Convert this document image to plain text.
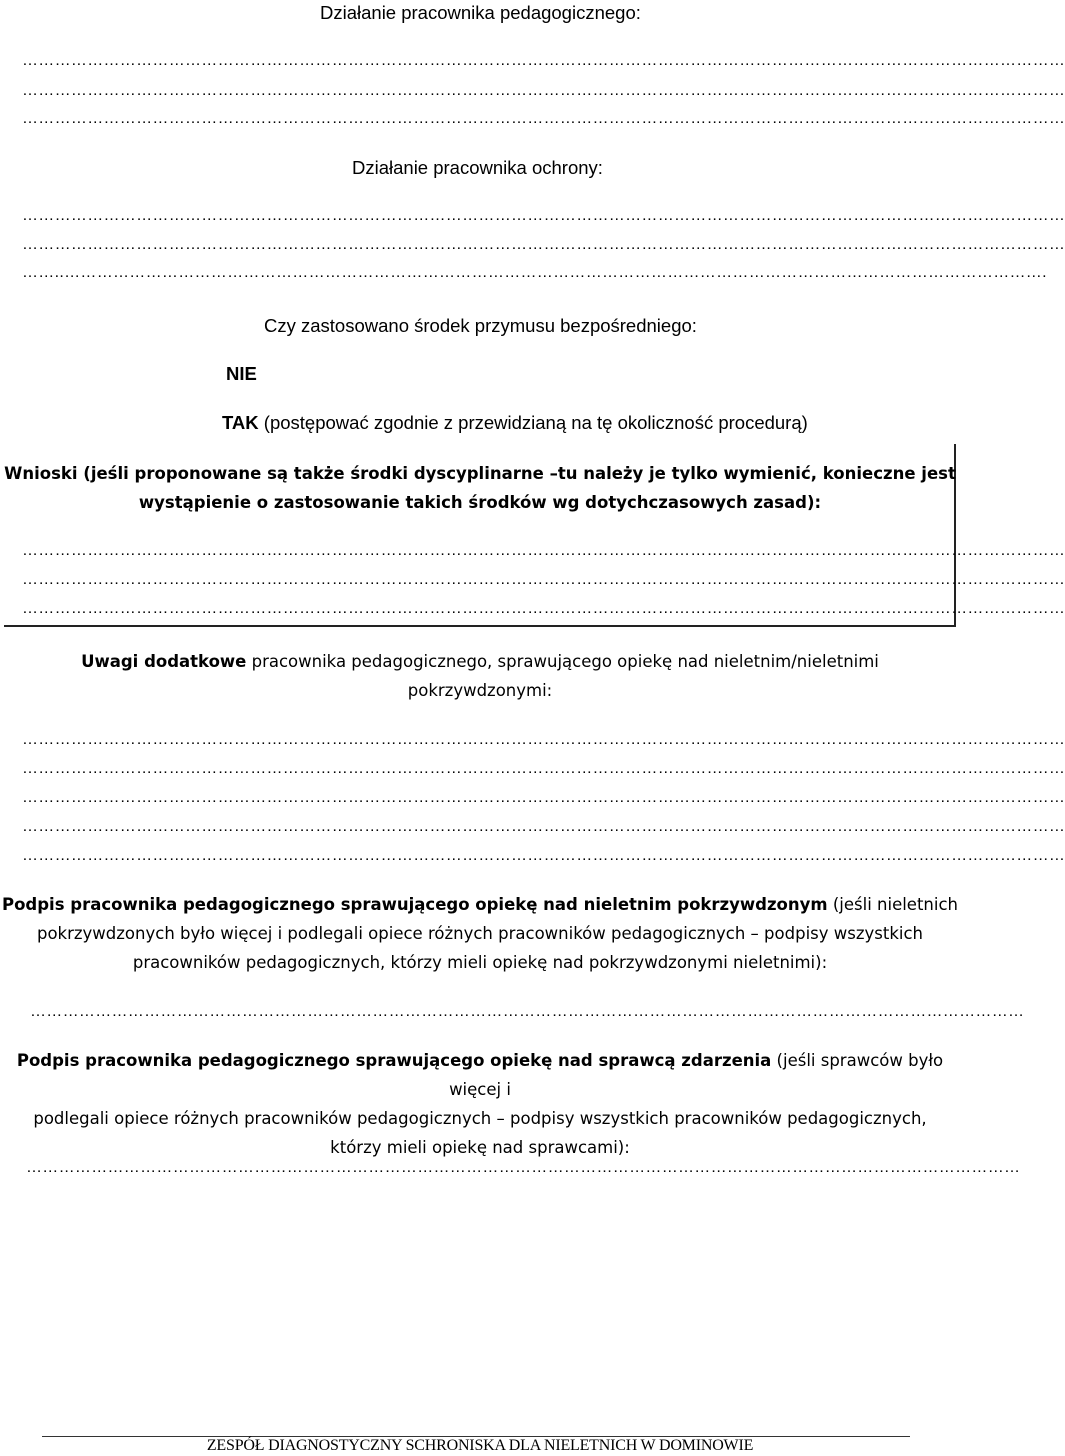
Działanie pracownika pedagogicznego:
…………………………………………………………………………………………………………………………………………………………………………
…………………………………………………………………………………………………………………………………………………………………………
…………………………………………………………………………………………………………………………………………………………………………
Działanie pracownika ochrony:
…………………………………………………………………………………………………………………………………………………………………………
…………………………………………………………………………………………………………………………………………………………………………
……..……………………………………………………………………………………………………………………………………………………………….
Czy zastosowano środek przymusu bezpośredniego:
NIE
TAK (postępować zgodnie z przewidzianą na tę okoliczność procedurą)
Wnioski (jeśli proponowane są także środki dyscyplinarne –tu należy je tylko wymienić, konieczne jest
wystąpienie o zastosowanie takich środków wg dotychczasowych zasad):
…………………………………………………………………………………………………………………………………………………………………………
…………………………………………………………………………………………………………………………………………………………………………
…………………………………………………………………………………………………………………………………………………………………………
Uwagi dodatkowe pracownika pedagogicznego, sprawującego opiekę nad nieletnim/nieletnimi
pokrzywdzonymi:
…………………………………………………………………………………………………………………………………………………………………………
…………………………………………………………………………………………………………………………………………………………………………
…………………………………………………………………………………………………………………………………………………………………………
…………………………………………………………………………………………………………………………………………………………………………
…………………………………………………………………………………………………………………………………………………………………………
Podpis pracownika pedagogicznego sprawującego opiekę nad nieletnim pokrzywdzonym (jeśli nieletnich
pokrzywdzonych było więcej i podlegali opiece różnych pracowników pedagogicznych – podpisy wszystkich
pracowników pedagogicznych, którzy mieli opiekę nad pokrzywdzonymi nieletnimi):
…………………………………………………………………………………………………………………………………………………………………
Podpis pracownika pedagogicznego sprawującego opiekę nad sprawcą zdarzenia (jeśli sprawców było więcej i
podlegali opiece różnych pracowników pedagogicznych – podpisy wszystkich pracowników pedagogicznych,
którzy mieli opiekę nad sprawcami):
…………………………………………………………………………………………………………………………………………………………………
ZESPÓŁ DIAGNOSTYCZNY SCHRONISKA DLA NIELETNICH W DOMINOWIE
